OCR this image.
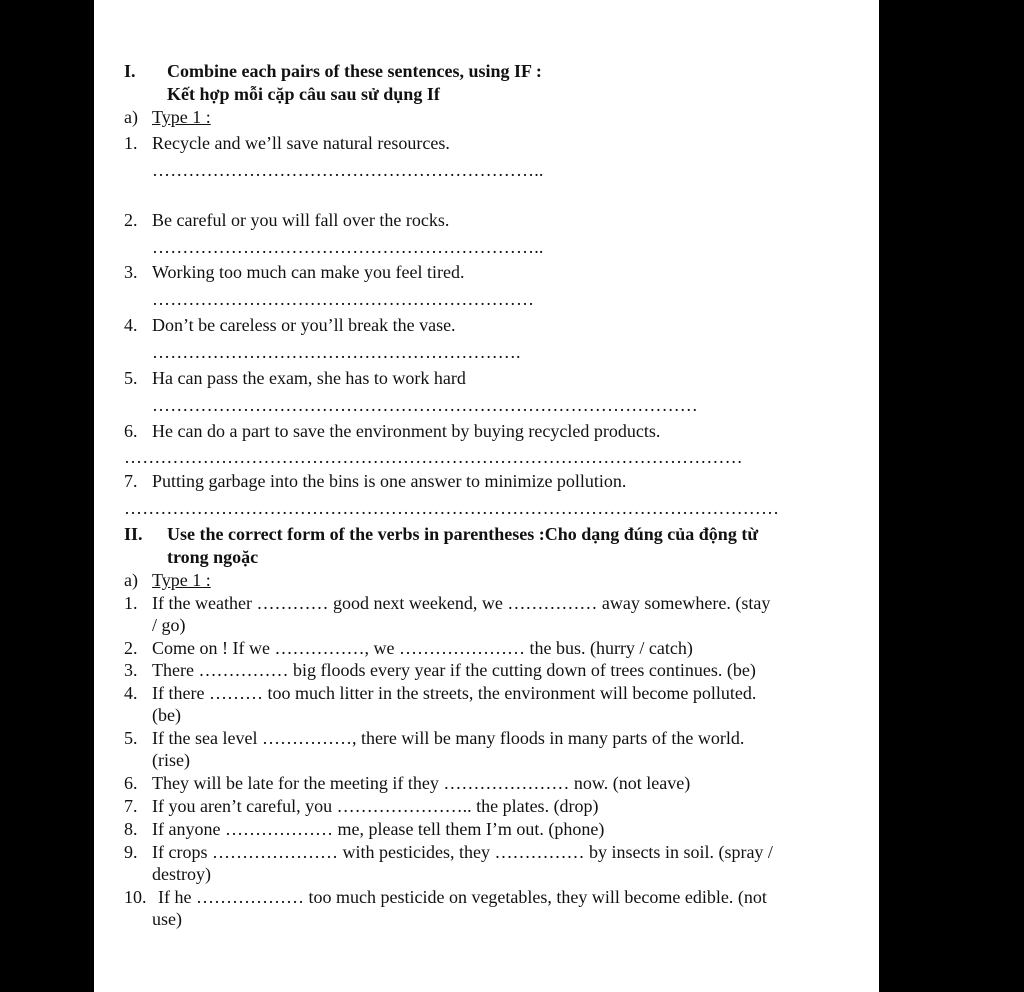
I. Combine each pairs of these sentences, using IF :
Kết hợp mỗi cặp câu sau sử dụng If
a) Type 1 :
1. Recycle and we’ll save natural resources.
………………………………………………………..
2. Be careful or you will fall over the rocks.
………………………………………………………..
3. Working too much can make you feel tired.
………………………………………………………
4. Don’t be careless or you’ll break the vase.
…………………………………………………….
5. Ha can pass the exam, she has to work hard
………………………………………………………………………………
6. He can do a part to save the environment by buying recycled products.
…………………………………………………………………………………………
7. Putting garbage into the bins is one answer to minimize pollution.
………………………………………………………………………………………………
II. Use the correct form of the verbs in parentheses :Cho dạng đúng của động từ
trong ngoặc
a) Type 1 :
1. If the weather ………… good next weekend, we …………… away somewhere. (stay
/ go)
2. Come on ! If we ……………, we ………………… the bus. (hurry / catch)
3. There …………… big floods every year if the cutting down of trees continues. (be)
4. If there ……… too much litter in the streets, the environment will become polluted.
(be)
5. If the sea level ……………, there will be many floods in many parts of the world.
(rise)
6. They will be late for the meeting if they ………………… now. (not leave)
7. If you aren’t careful, you ………………….. the plates. (drop)
8. If anyone ……………… me, please tell them I’m out. (phone)
9. If crops ………………… with pesticides, they …………… by insects in soil. (spray /
destroy)
10. If he ……………… too much pesticide on vegetables, they will become edible. (not
use)
